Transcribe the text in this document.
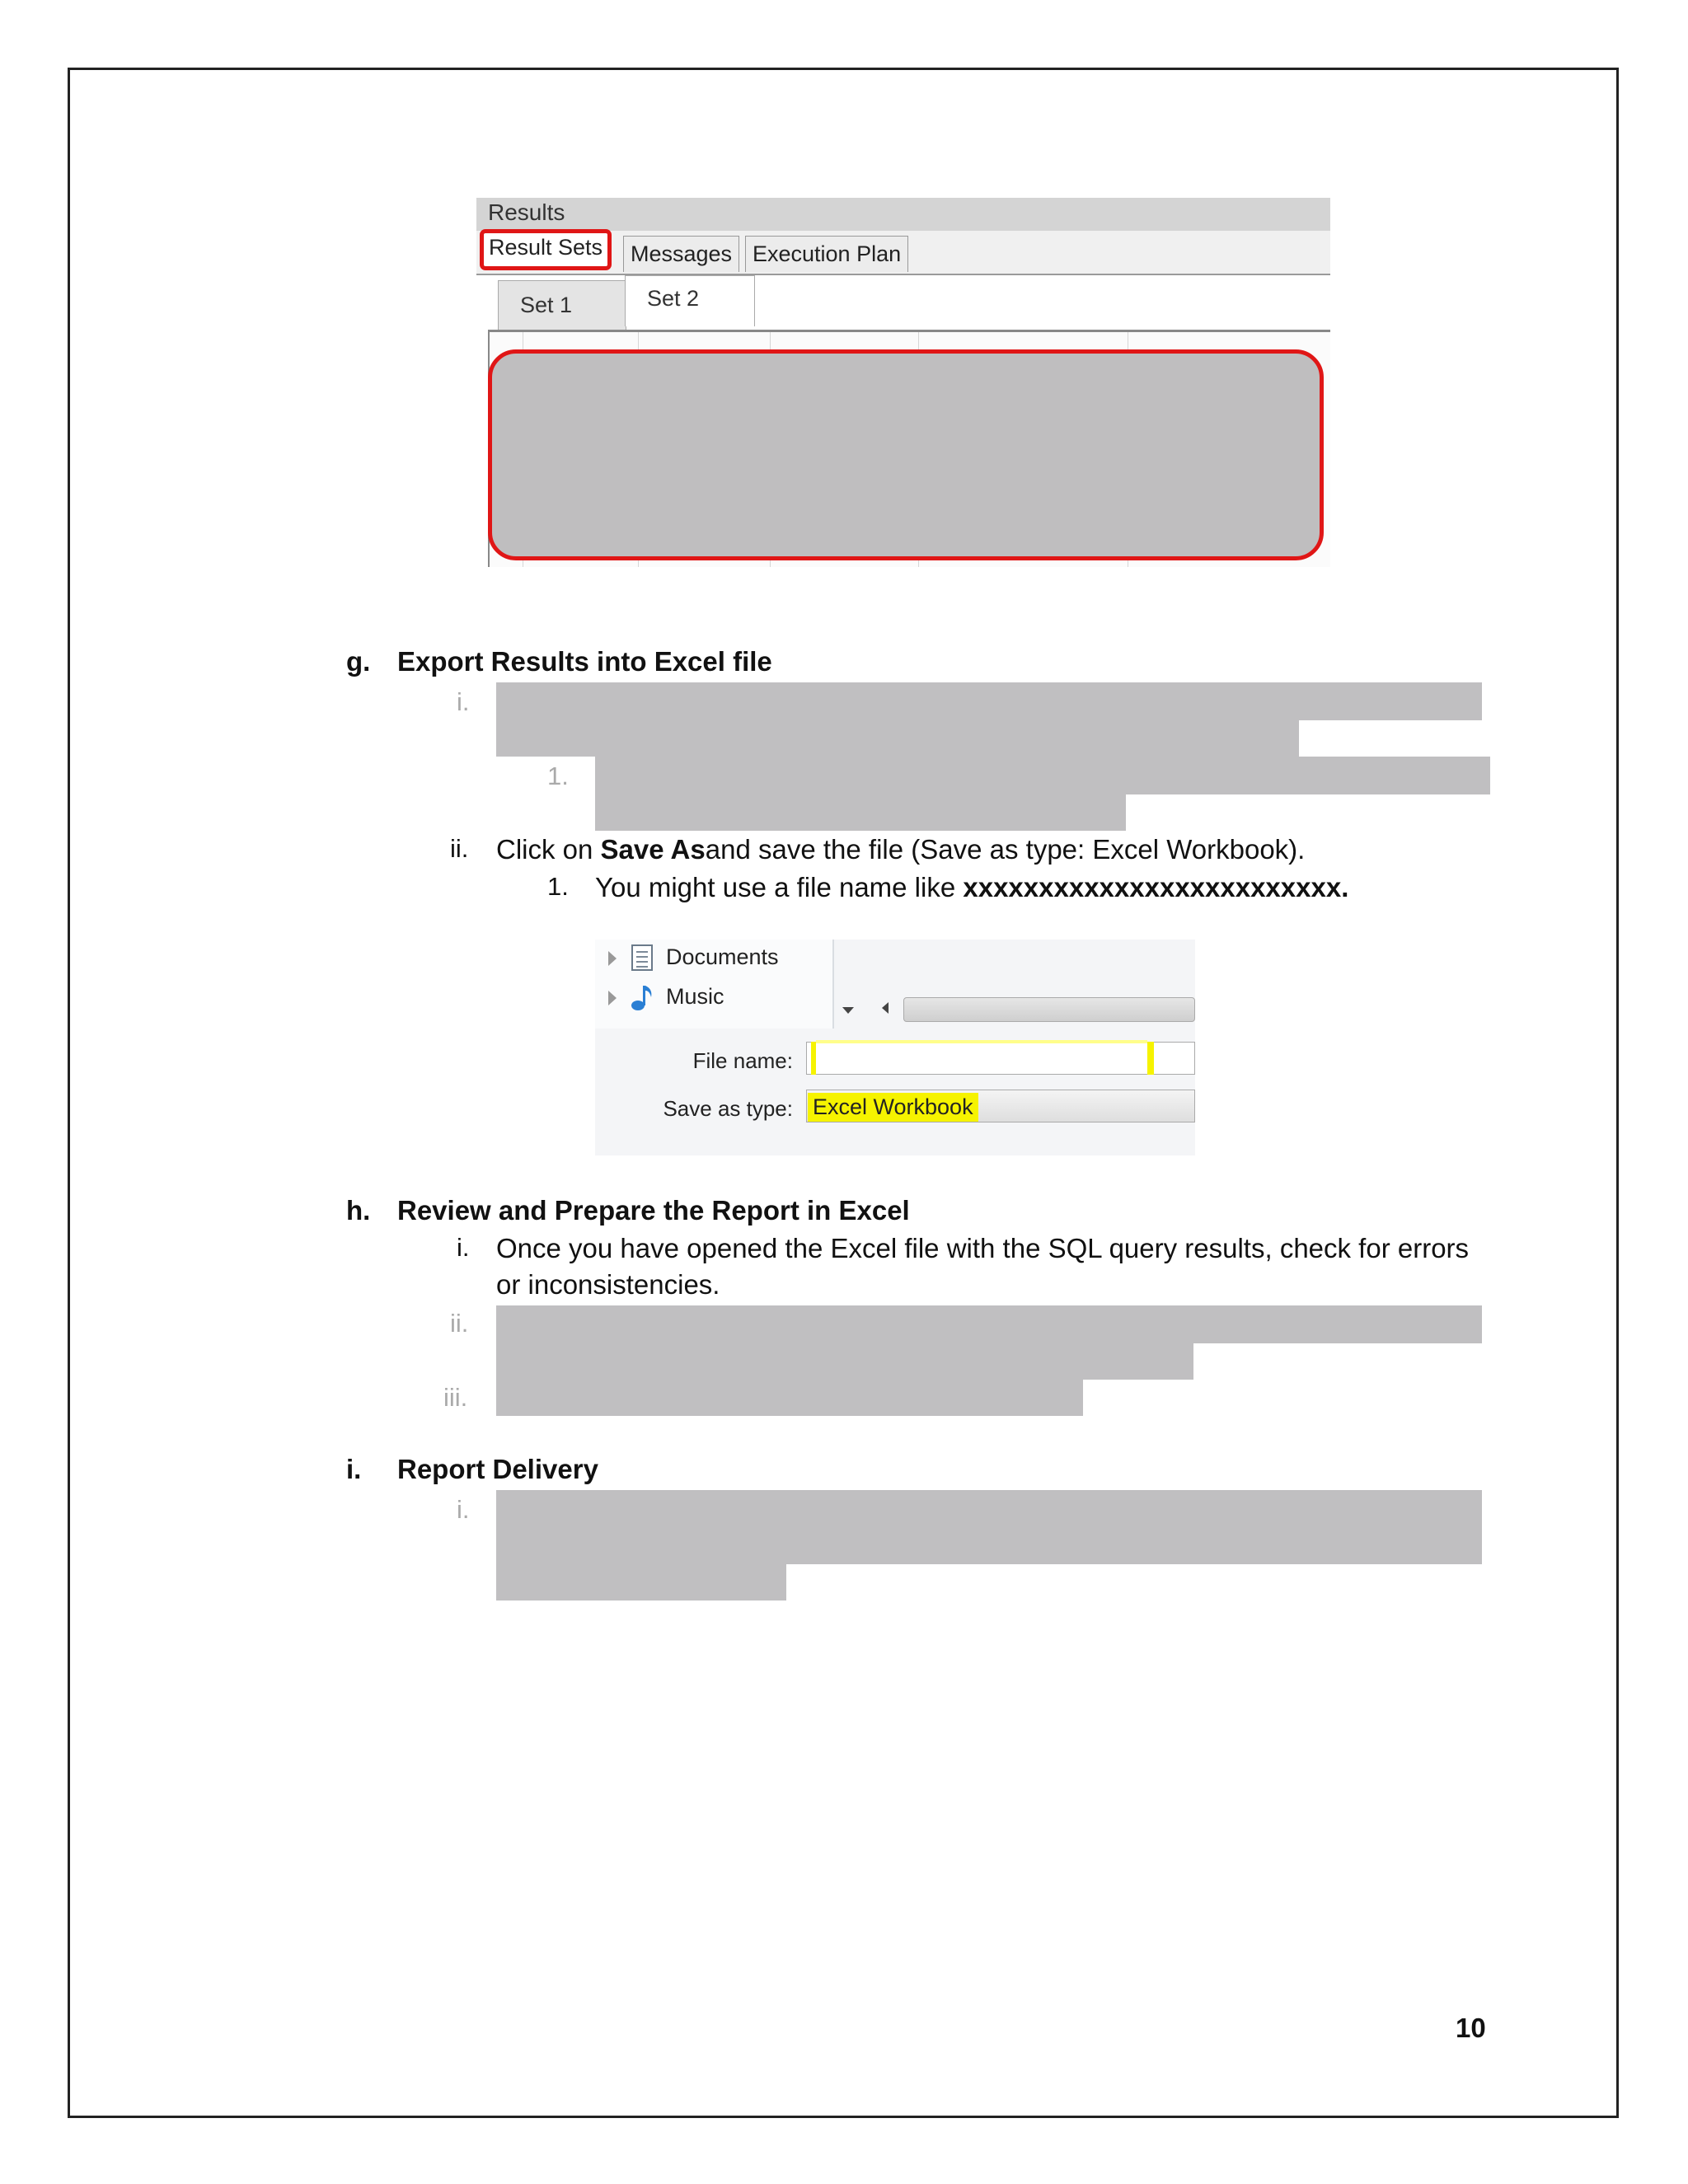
Results
Result Sets	Messages Execution Plan
Set 1	Set 2
g. Export Results into Excel file
i.
1.
ii. Click on Save Asand save the file (Save as type: Excel Workbook).
1. You might use a file name like xxxxxxxxxxxxxxxxxxxxxxxxx.
Documents
Music
File name:
Save as type: Excel Workbook
h. Review and Prepare the Report in Excel
i. Once you have opened the Excel file with the SQL query results, check for errors
or inconsistencies.
ii.
iii.
i. Report Delivery
i.
10
